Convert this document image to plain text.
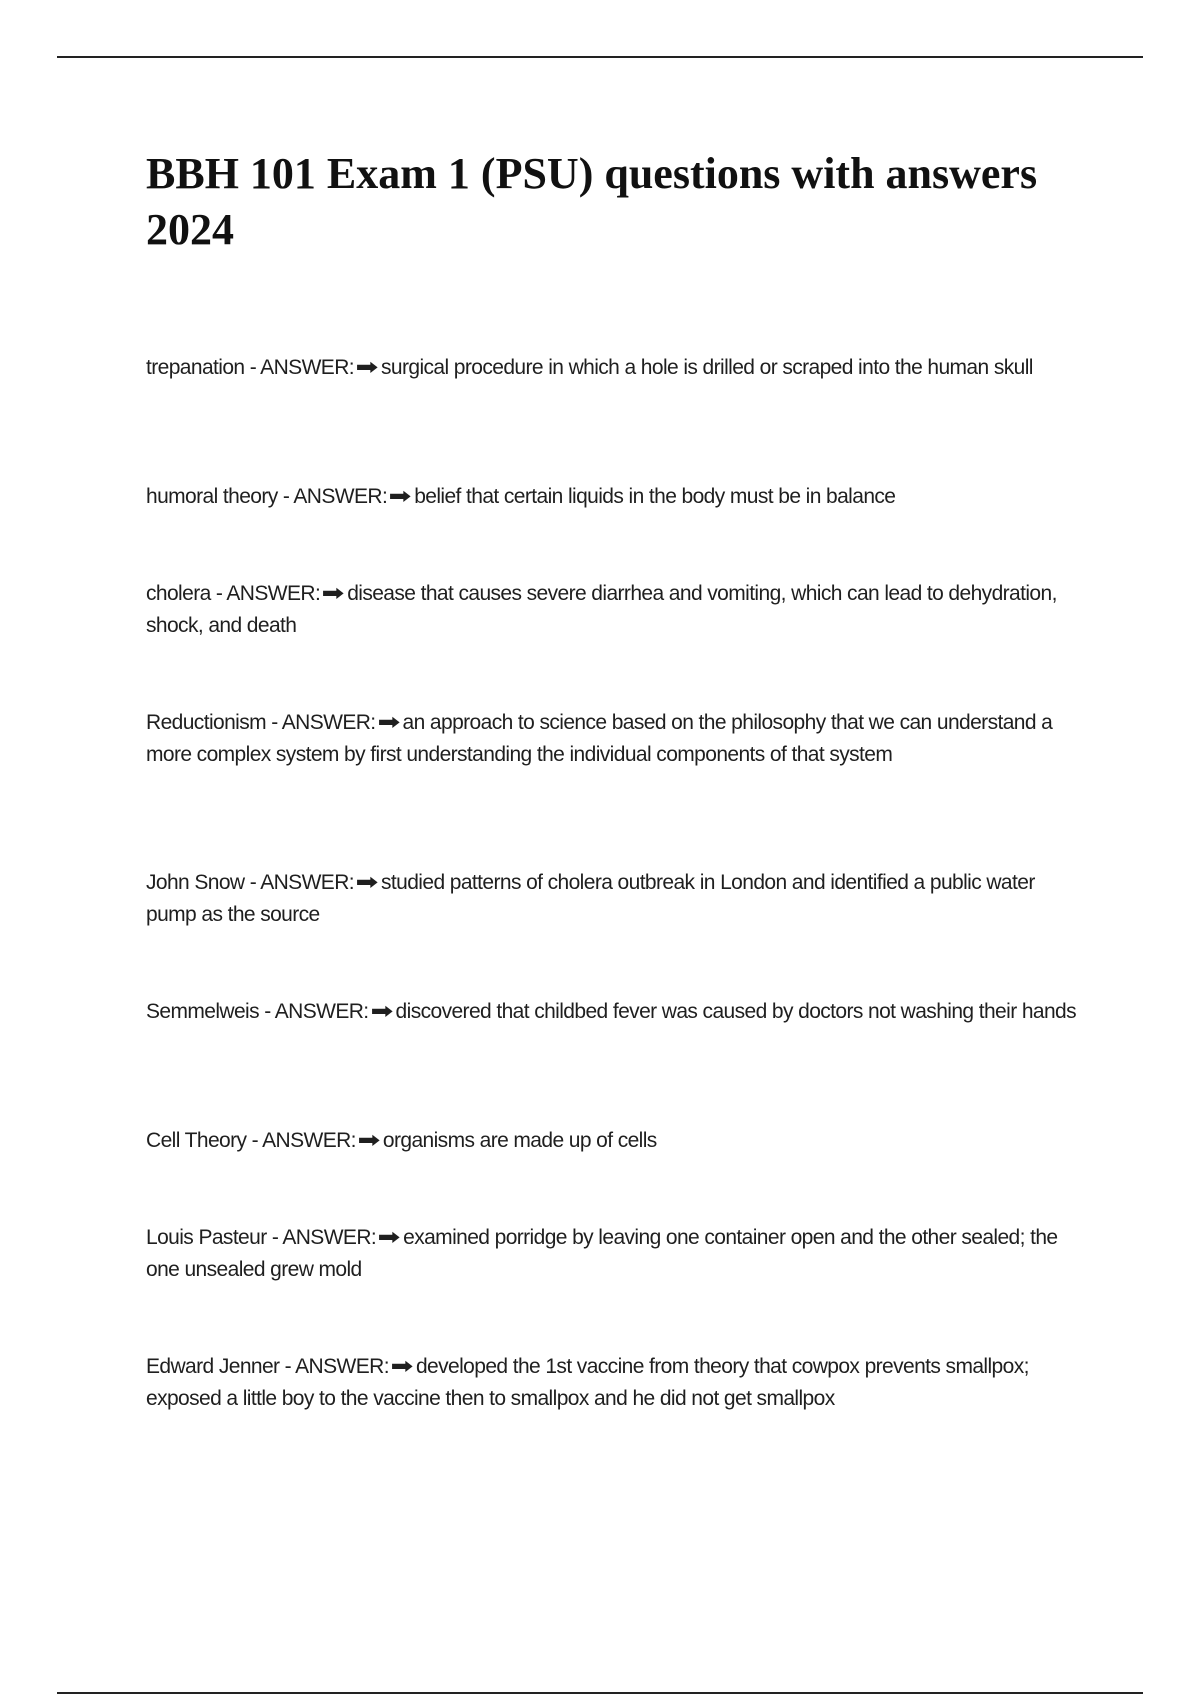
BBH 101 Exam 1 (PSU) questions with answers 2024

trepanation - ANSWER:➡ surgical procedure in which a hole is drilled or scraped into the human skull

humoral theory - ANSWER:➡ belief that certain liquids in the body must be in balance

cholera - ANSWER:➡ disease that causes severe diarrhea and vomiting, which can lead to dehydration, shock, and death

Reductionism - ANSWER:➡ an approach to science based on the philosophy that we can understand a more complex system by first understanding the individual components of that system

John Snow - ANSWER:➡ studied patterns of cholera outbreak in London and identified a public water pump as the source

Semmelweis - ANSWER:➡ discovered that childbed fever was caused by doctors not washing their hands

Cell Theory - ANSWER:➡ organisms are made up of cells

Louis Pasteur - ANSWER:➡ examined porridge by leaving one container open and the other sealed; the one unsealed grew mold

Edward Jenner - ANSWER:➡ developed the 1st vaccine from theory that cowpox prevents smallpox; exposed a little boy to the vaccine then to smallpox and he did not get smallpox
